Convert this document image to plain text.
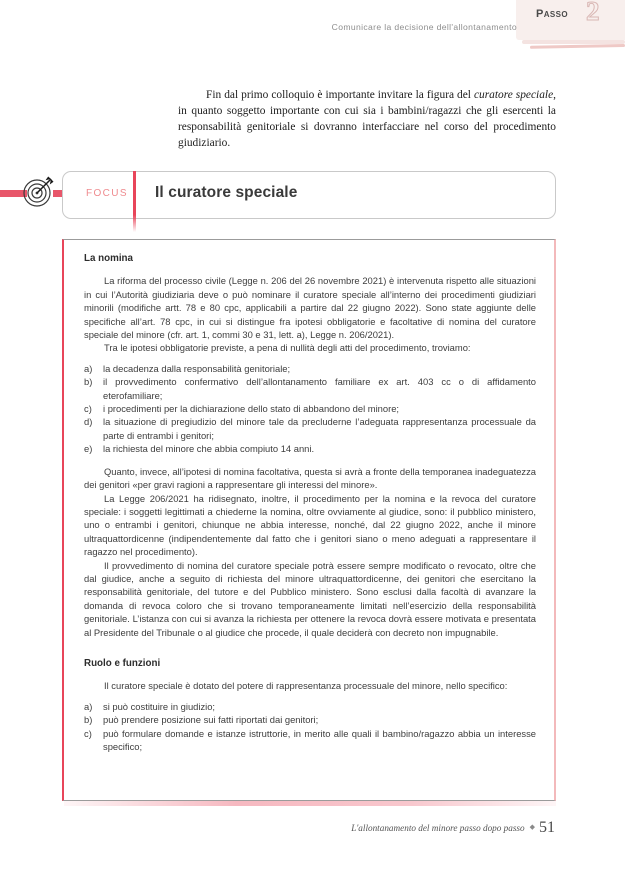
Passo 2
Comunicare la decisione dell'allontanamento

Fin dal primo colloquio è importante invitare la figura del curatore speciale, in quanto soggetto importante con cui sia i bambini/ragazzi che gli esercenti la responsabilità genitoriale si dovranno interfacciare nel corso del procedimento giudiziario.

FOCUS Il curatore speciale
La nomina

La riforma del processo civile (Legge n. 206 del 26 novembre 2021) è intervenuta rispetto alle situazioni in cui l’Autorità giudiziaria deve o può nominare il curatore speciale all’interno dei procedimenti giudiziari minorili (modifiche artt. 78 e 80 cpc, applicabili a partire dal 22 giugno 2022). Sono state aggiunte delle specifiche all’art. 78 cpc, in cui si distingue fra ipotesi obbligatorie e facoltative di nomina del curatore speciale del minore (cfr. art. 1, commi 30 e 31, lett. a), Legge n. 206/2021).

Tra le ipotesi obbligatorie previste, a pena di nullità degli atti del procedimento, troviamo:

a) la decadenza dalla responsabilità genitoriale;
b) il provvedimento confermativo dell’allontanamento familiare ex art. 403 cc o di affidamento eterofamiliare;
c) i procedimenti per la dichiarazione dello stato di abbandono del minore;
d) la situazione di pregiudizio del minore tale da precluderne l’adeguata rappresentanza processuale da parte di entrambi i genitori;
e) la richiesta del minore che abbia compiuto 14 anni.

Quanto, invece, all’ipotesi di nomina facoltativa, questa si avrà a fronte della temporanea inadeguatezza dei genitori «per gravi ragioni a rappresentare gli interessi del minore».

La Legge 206/2021 ha ridisegnato, inoltre, il procedimento per la nomina e la revoca del curatore speciale: i soggetti legittimati a chiederne la nomina, oltre ovviamente al giudice, sono: il pubblico ministero, uno o entrambi i genitori, chiunque ne abbia interesse, nonché, dal 22 giugno 2022, anche il minore ultraquattordicenne (indipendentemente dal fatto che i genitori siano o meno adeguati a rappresentare il ragazzo nel procedimento).

Il provvedimento di nomina del curatore speciale potrà essere sempre modificato o revocato, oltre che dal giudice, anche a seguito di richiesta del minore ultraquattordicenne, dei genitori che esercitano la responsabilità genitoriale, del tutore e del Pubblico ministero. Sono esclusi dalla facoltà di avanzare la domanda di revoca coloro che si trovano temporaneamente limitati nell’esercizio della responsabilità genitoriale. L’istanza con cui si avanza la richiesta per ottenere la revoca dovrà essere motivata e presentata al Presidente del Tribunale o al giudice che procede, il quale deciderà con decreto non impugnabile.

Ruolo e funzioni

Il curatore speciale è dotato del potere di rappresentanza processuale del minore, nello specifico:

a) si può costituire in giudizio;
b) può prendere posizione sui fatti riportati dai genitori;
c) può formulare domande e istanze istruttorie, in merito alle quali il bambino/ragazzo abbia un interesse specifico;
L'allontanamento del minore passo dopo passo ◆ 51
